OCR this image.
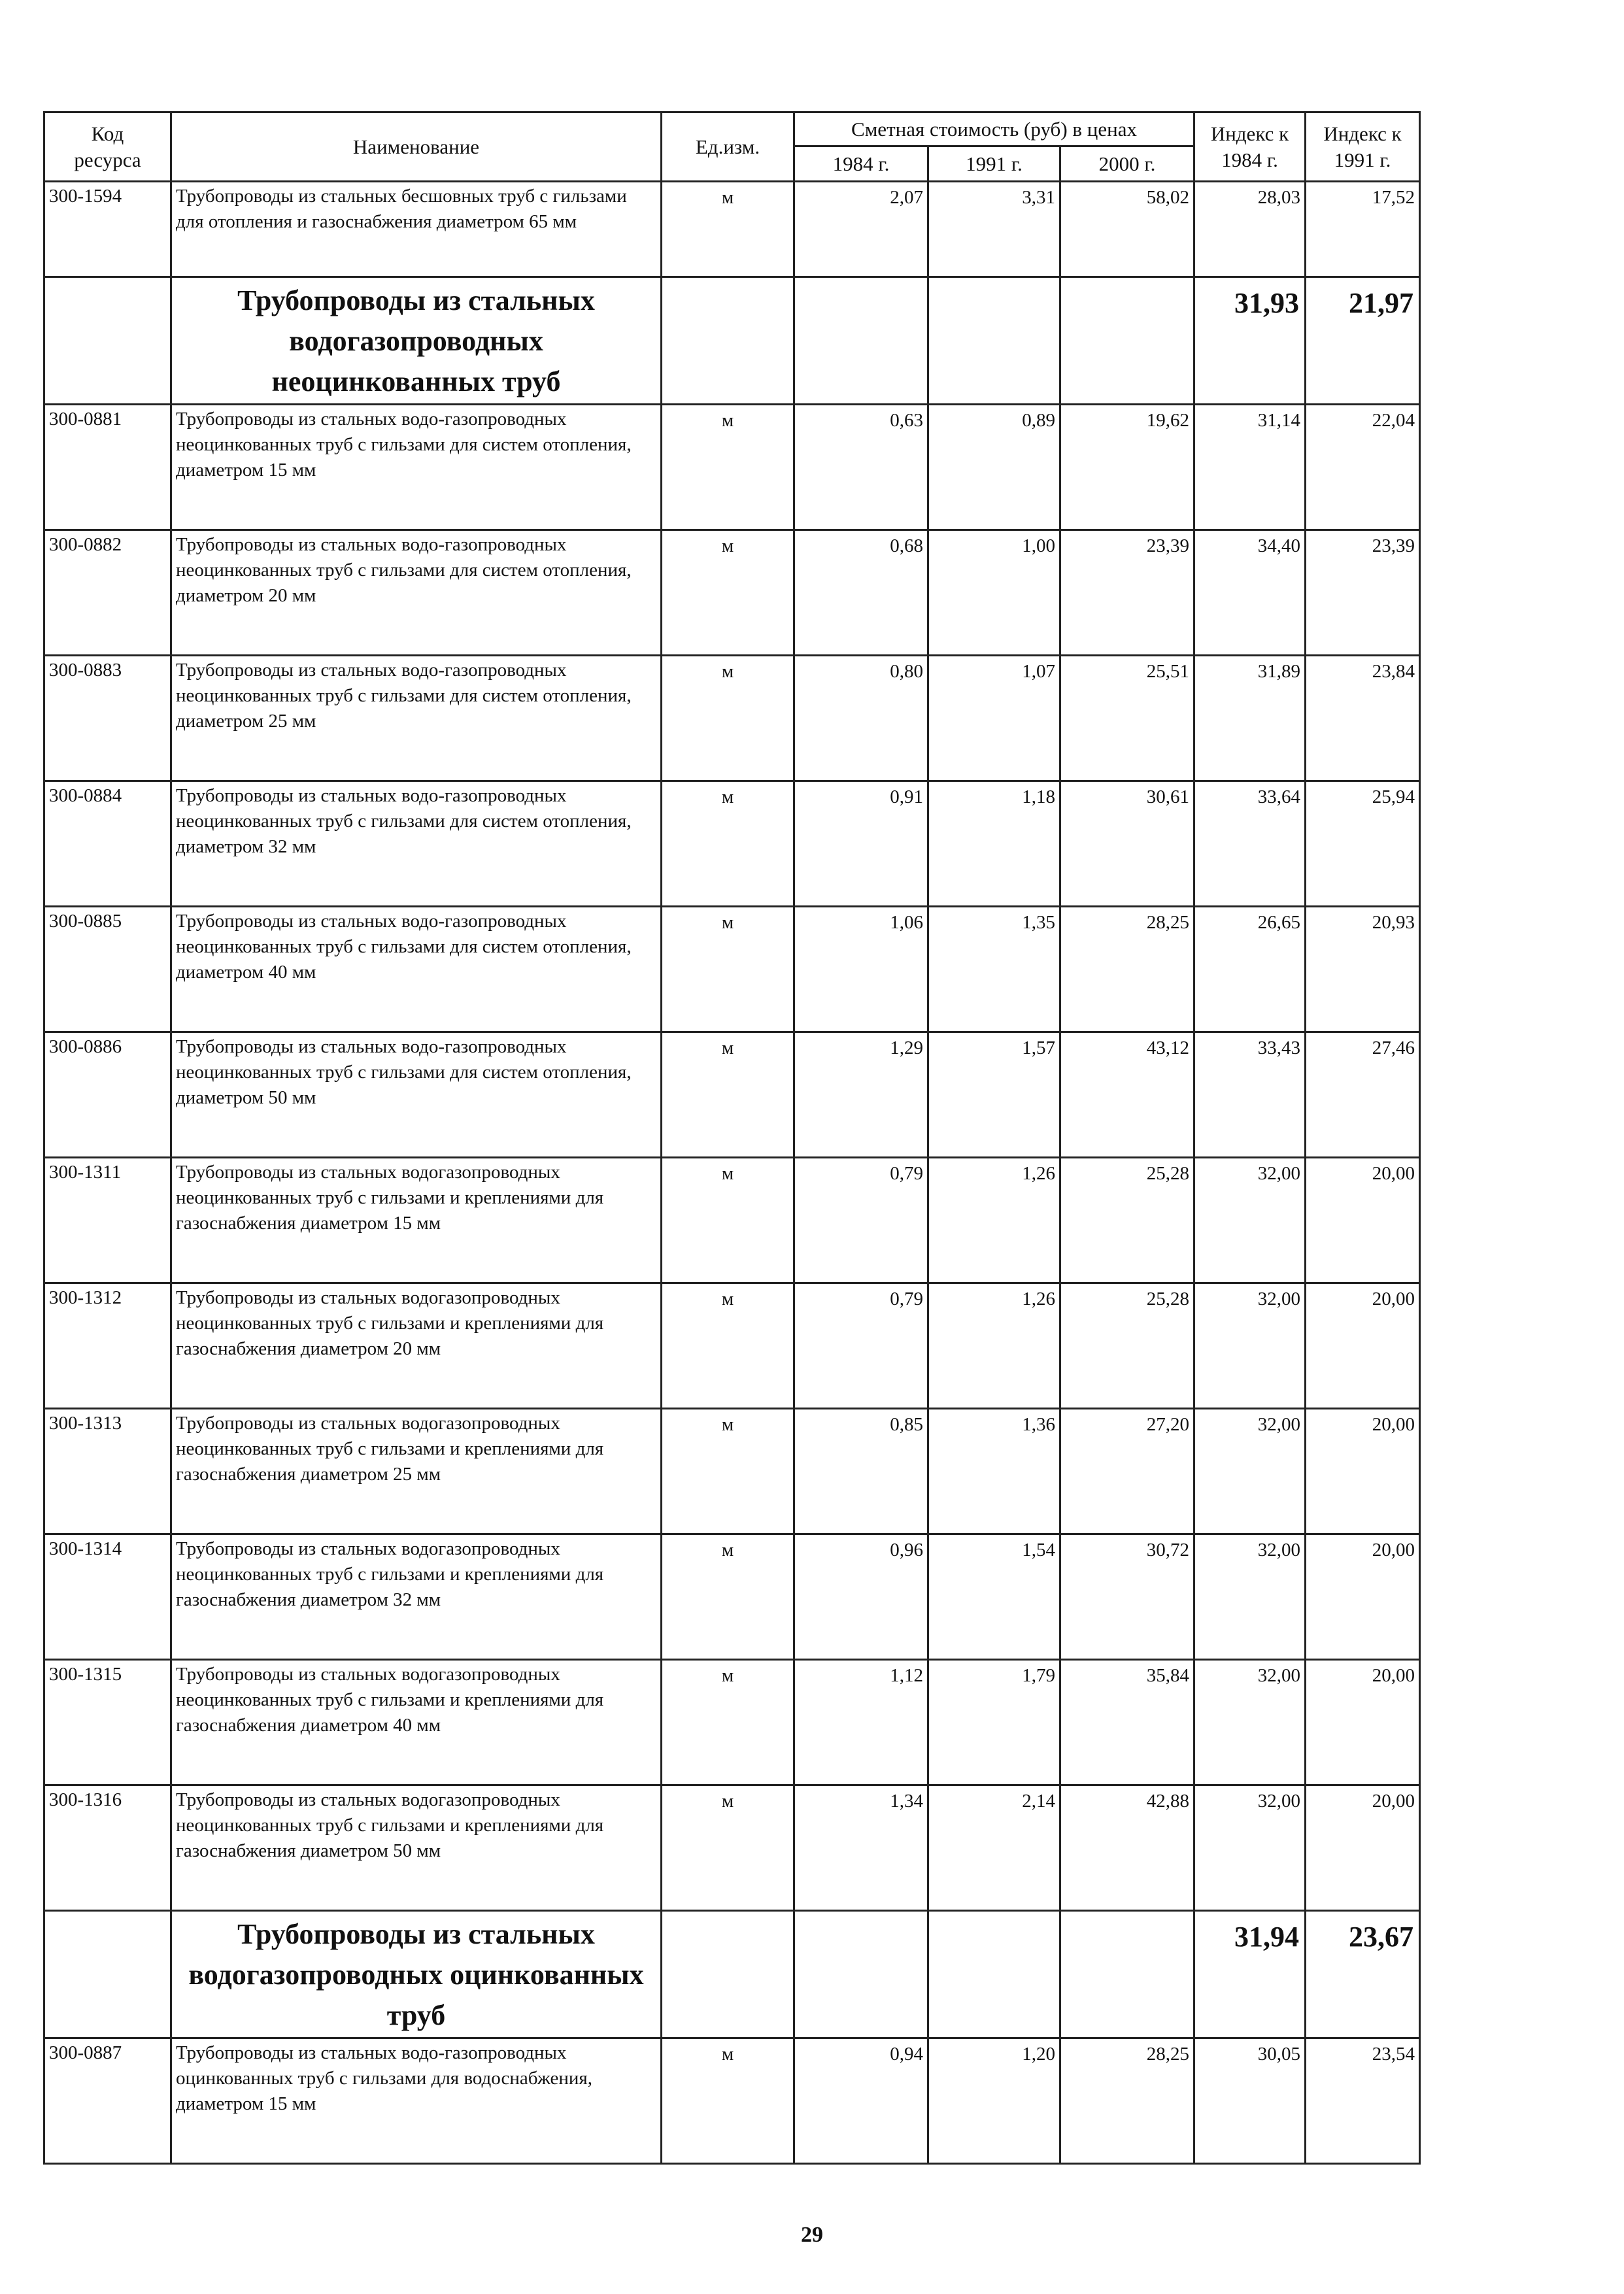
Код ресурса	Наименование	Ед.изм.	Сметная стоимость (руб) в ценах			Индекс к 1984 г.	Индекс к 1991 г.
			1984 г.	1991 г.	2000 г.		
300-1594	Трубопроводы из стальных бесшовных труб с гильзами для отопления и газоснабжения диаметром 65 мм	м	2,07	3,31	58,02	28,03	17,52
	Трубопроводы из стальных водогазопроводных неоцинкованных труб					31,93	21,97
300-0881	Трубопроводы из стальных водо-газопроводных неоцинкованных труб с гильзами для систем отопления, диаметром 15 мм	м	0,63	0,89	19,62	31,14	22,04
300-0882	Трубопроводы из стальных водо-газопроводных неоцинкованных труб с гильзами для систем отопления, диаметром 20 мм	м	0,68	1,00	23,39	34,40	23,39
300-0883	Трубопроводы из стальных водо-газопроводных неоцинкованных труб с гильзами для систем отопления, диаметром 25 мм	м	0,80	1,07	25,51	31,89	23,84
300-0884	Трубопроводы из стальных водо-газопроводных неоцинкованных труб с гильзами для систем отопления, диаметром 32 мм	м	0,91	1,18	30,61	33,64	25,94
300-0885	Трубопроводы из стальных водо-газопроводных неоцинкованных труб с гильзами для систем отопления, диаметром 40 мм	м	1,06	1,35	28,25	26,65	20,93
300-0886	Трубопроводы из стальных водо-газопроводных неоцинкованных труб с гильзами для систем отопления, диаметром 50 мм	м	1,29	1,57	43,12	33,43	27,46
300-1311	Трубопроводы из стальных водогазопроводных неоцинкованных труб с гильзами и креплениями для газоснабжения диаметром 15 мм	м	0,79	1,26	25,28	32,00	20,00
300-1312	Трубопроводы из стальных водогазопроводных неоцинкованных труб с гильзами и креплениями для газоснабжения диаметром 20 мм	м	0,79	1,26	25,28	32,00	20,00
300-1313	Трубопроводы из стальных водогазопроводных неоцинкованных труб с гильзами и креплениями для газоснабжения диаметром 25 мм	м	0,85	1,36	27,20	32,00	20,00
300-1314	Трубопроводы из стальных водогазопроводных неоцинкованных труб с гильзами и креплениями для газоснабжения диаметром 32 мм	м	0,96	1,54	30,72	32,00	20,00
300-1315	Трубопроводы из стальных водогазопроводных неоцинкованных труб с гильзами и креплениями для газоснабжения диаметром 40 мм	м	1,12	1,79	35,84	32,00	20,00
300-1316	Трубопроводы из стальных водогазопроводных неоцинкованных труб с гильзами и креплениями для газоснабжения диаметром 50 мм	м	1,34	2,14	42,88	32,00	20,00
	Трубопроводы из стальных водогазопроводных оцинкованных труб					31,94	23,67
300-0887	Трубопроводы из стальных водо-газопроводных оцинкованных труб с гильзами для водоснабжения, диаметром 15 мм	м	0,94	1,20	28,25	30,05	23,54
29
